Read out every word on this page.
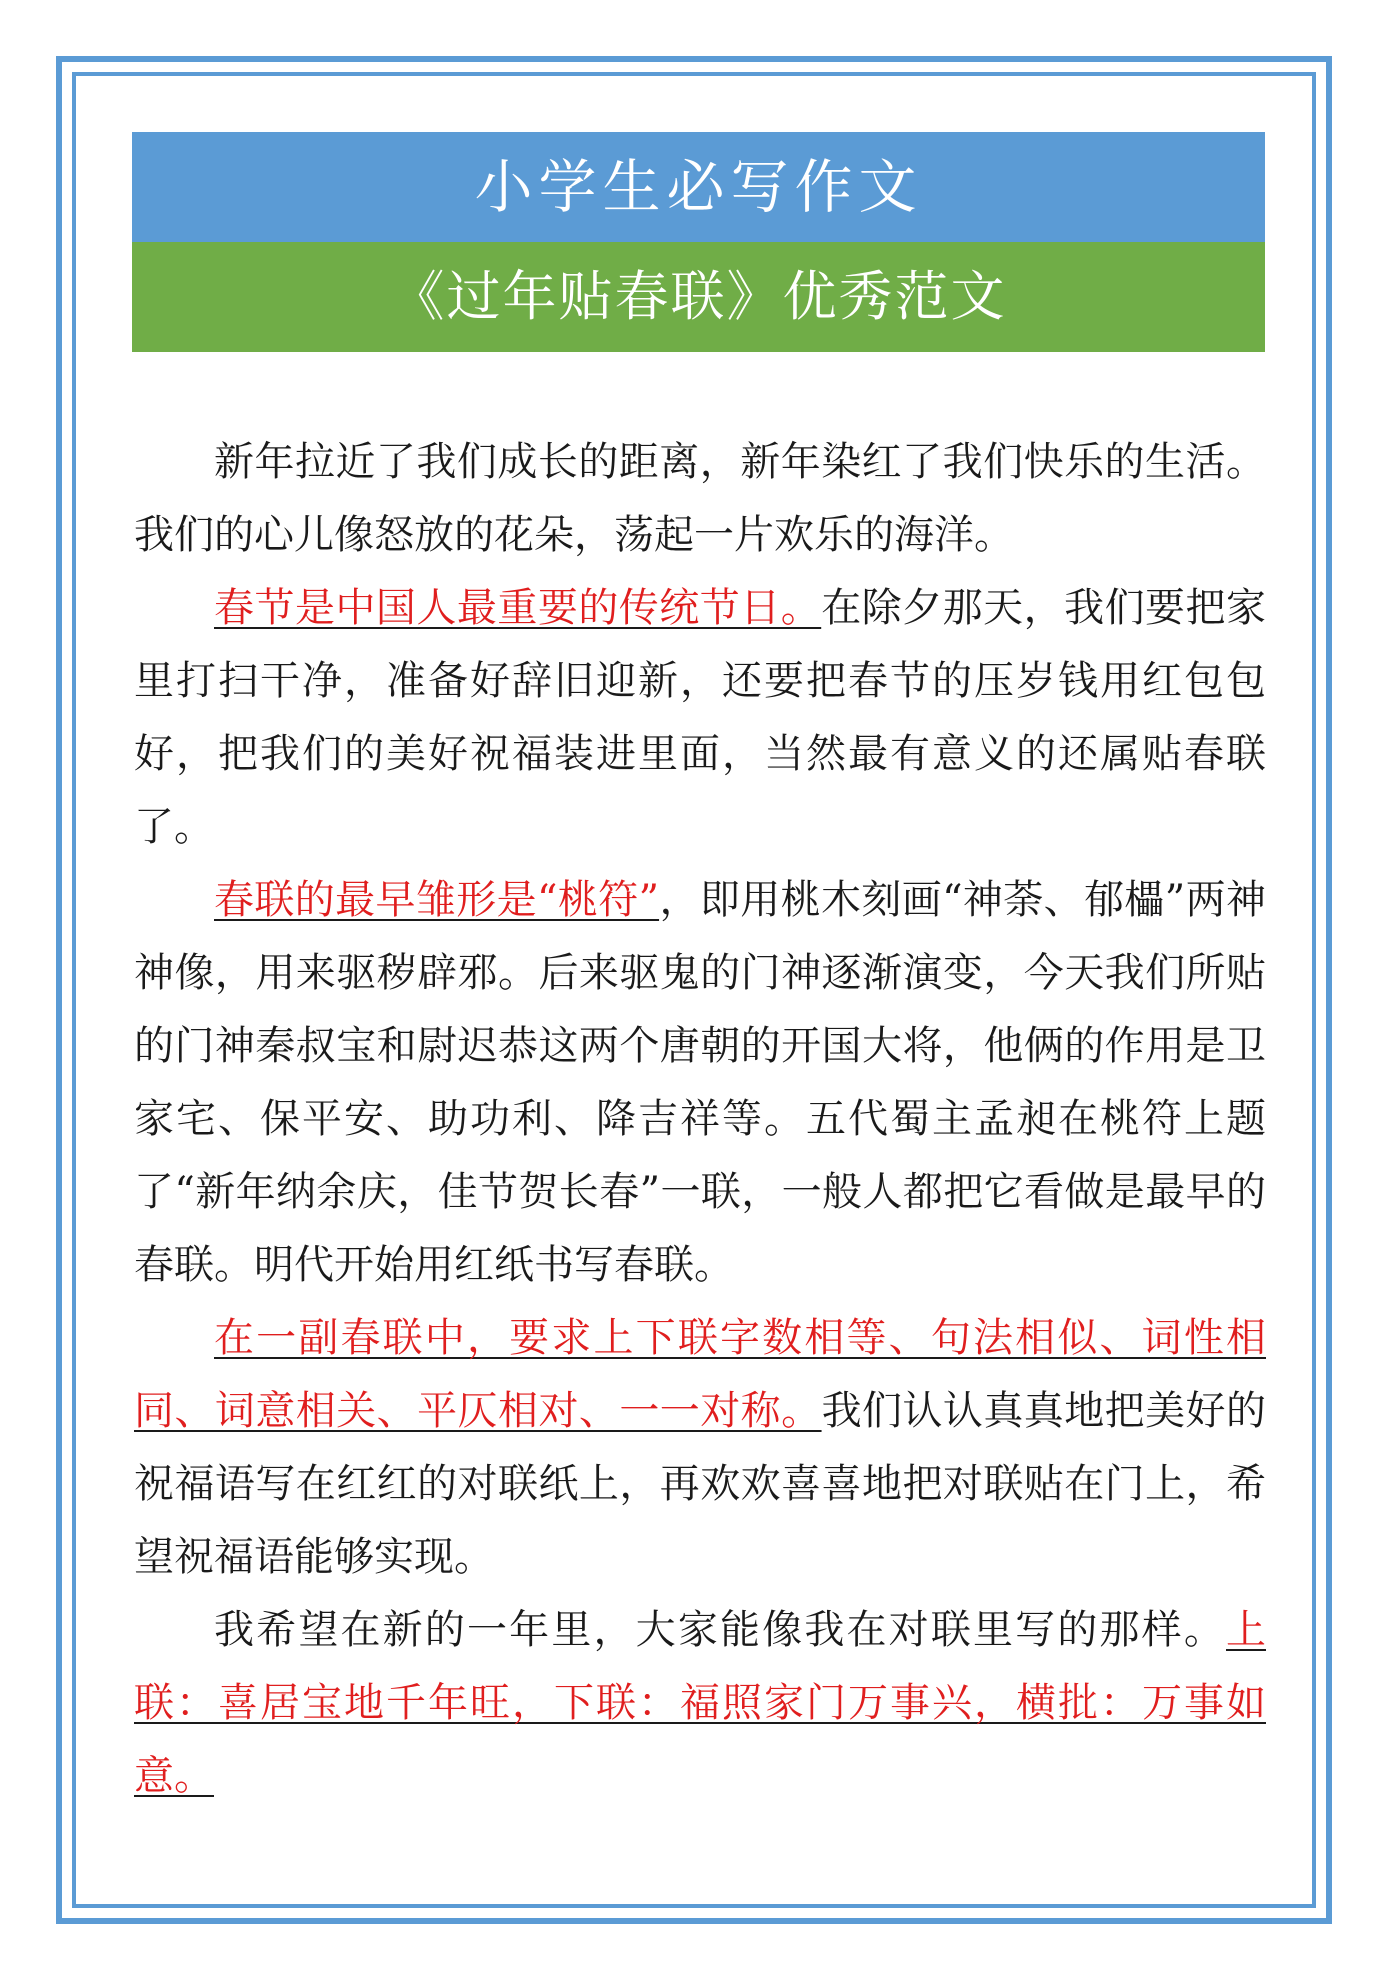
小学生必写作文
《过年贴春联》优秀范文

新年拉近了我们成长的距离，新年染红了我们快乐的生活。我们的心儿像怒放的花朵，荡起一片欢乐的海洋。

春节是中国人最重要的传统节日。在除夕那天，我们要把家里打扫干净，准备好辞旧迎新，还要把春节的压岁钱用红包包好，把我们的美好祝福装进里面，当然最有意义的还属贴春联了。

春联的最早雏形是“桃符”，即用桃木刻画“神荼、郁櫑”两神神像，用来驱秽辟邪。后来驱鬼的门神逐渐演变，今天我们所贴的门神秦叔宝和尉迟恭这两个唐朝的开国大将，他俩的作用是卫家宅、保平安、助功利、降吉祥等。五代蜀主孟昶在桃符上题了“新年纳余庆，佳节贺长春”一联，一般人都把它看做是最早的春联。明代开始用红纸书写春联。

在一副春联中，要求上下联字数相等、句法相似、词性相同、词意相关、平仄相对、一一对称。我们认认真真地把美好的祝福语写在红红的对联纸上，再欢欢喜喜地把对联贴在门上，希望祝福语能够实现。

我希望在新的一年里，大家能像我在对联里写的那样。上联：喜居宝地千年旺，下联：福照家门万事兴，横批：万事如意。
